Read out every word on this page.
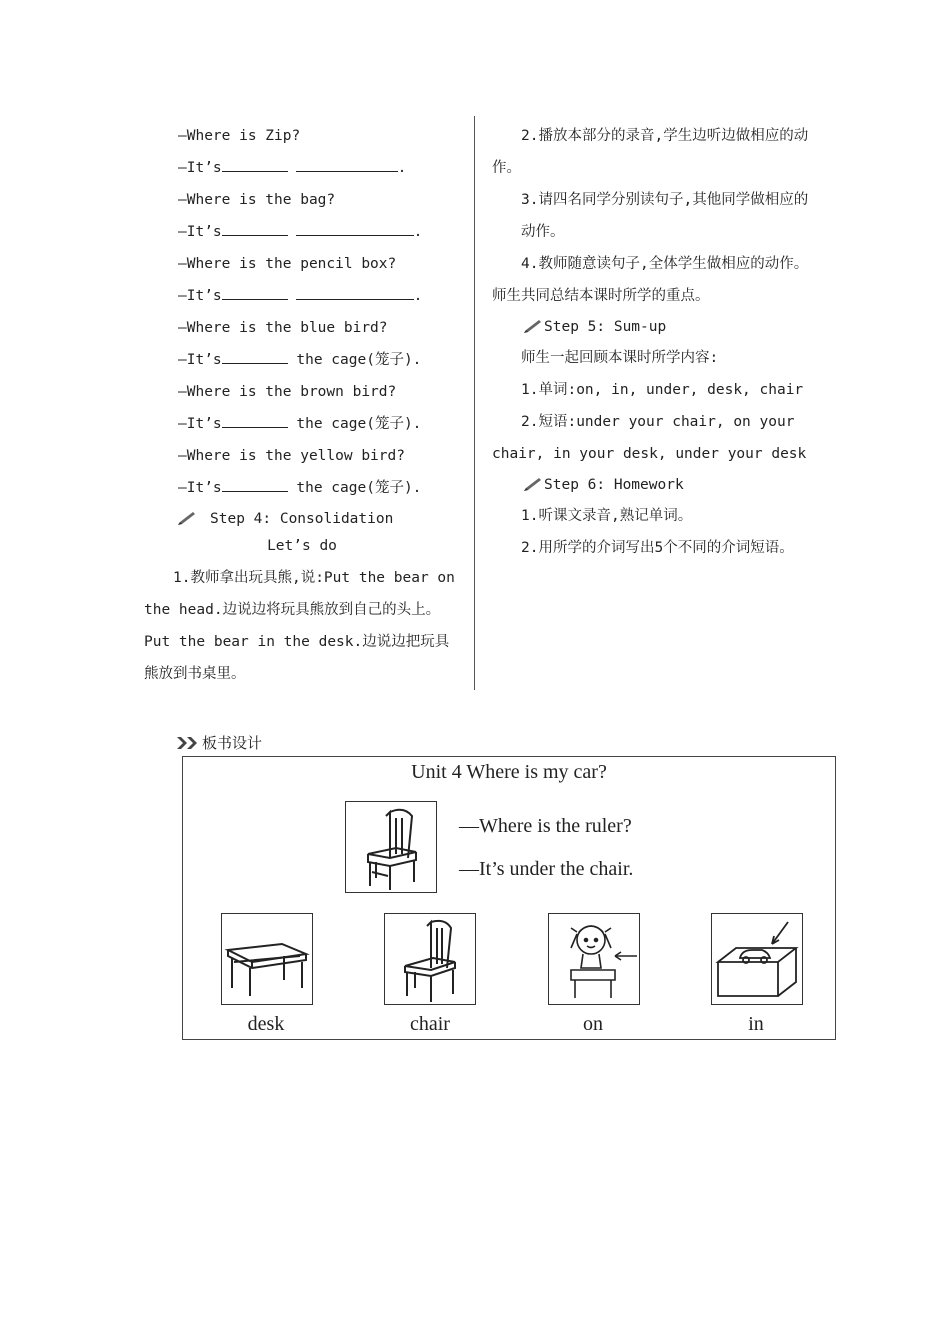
—Where is Zip?
—It’s	.
—Where is the bag?
—It’s	.
—Where is the pencil box?
—It’s	.
—Where is the blue bird?
—It’s	the cage(笼子).
—Where is the brown bird?
—It’s	the cage(笼子).
—Where is the yellow bird?
—It’s	the cage(笼子).
Step 4: Consolidation
Let’s do
1.教师拿出玩具熊,说:Put the bear on the head.边说边将玩具熊放到自己的头上。Put the bear in the desk.边说边把玩具熊放到书桌里。
2.播放本部分的录音,学生边听边做相应的动作。
3.请四名同学分别读句子,其他同学做相应的
动作。
4.教师随意读句子,全体学生做相应的动作。师生共同总结本课时所学的重点。
Step 5: Sum-up
师生一起回顾本课时所学内容:
1.单词:on, in, under, desk, chair
2.短语:under your chair, on your chair, in your desk, under your desk
Step 6: Homework
1.听课文录音,熟记单词。
2.用所学的介词写出5个不同的介词短语。
板书设计
Unit 4 Where is my car?
—Where is the ruler?
—It’s under the chair.
desk	chair	on	in
